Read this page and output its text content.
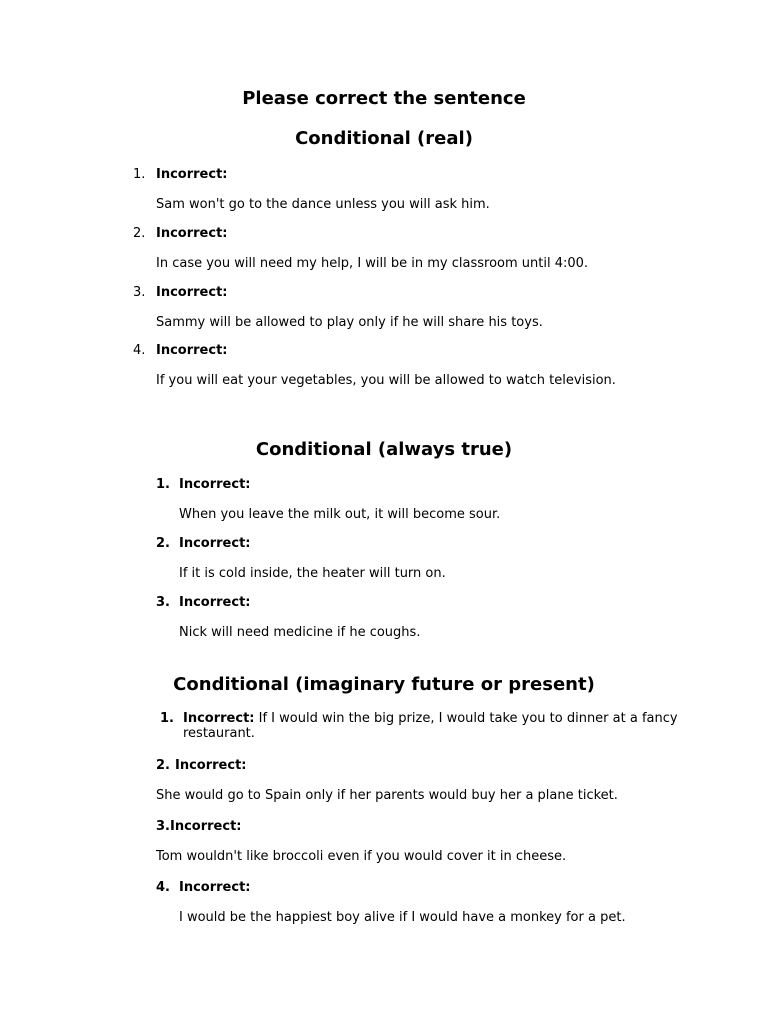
Please correct the sentence
Conditional (real)
1. Incorrect:
Sam won't go to the dance unless you will ask him.
2. Incorrect:
In case you will need my help, I will be in my classroom until 4:00.
3. Incorrect:
Sammy will be allowed to play only if he will share his toys.
4. Incorrect:
If you will eat your vegetables, you will be allowed to watch television.
Conditional (always true)
1. Incorrect:
When you leave the milk out, it will become sour.
2. Incorrect:
If it is cold inside, the heater will turn on.
3. Incorrect:
Nick will need medicine if he coughs.
Conditional (imaginary future or present)
1. Incorrect: If I would win the big prize, I would take you to dinner at a fancy
restaurant.
2. Incorrect:
She would go to Spain only if her parents would buy her a plane ticket.
3. Incorrect:
Tom wouldn't like broccoli even if you would cover it in cheese.
4. Incorrect:
I would be the happiest boy alive if I would have a monkey for a pet.
